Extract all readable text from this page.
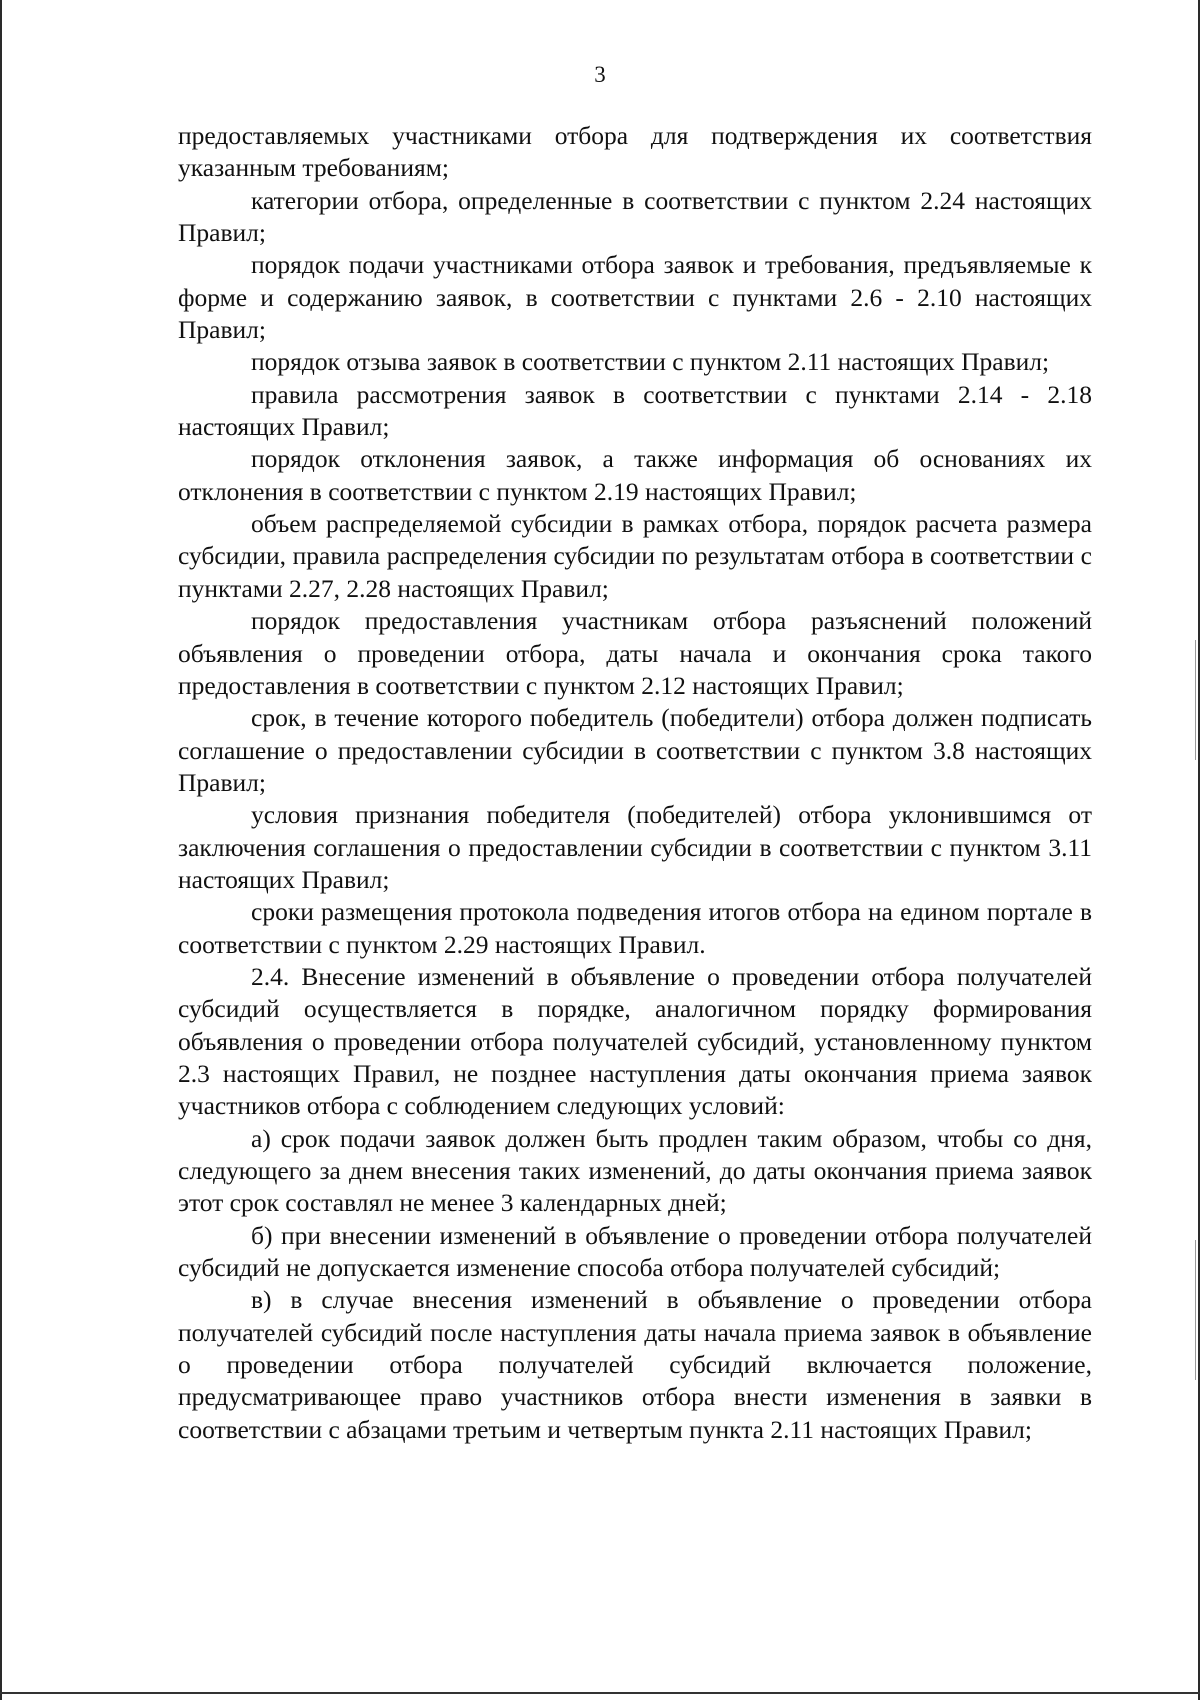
3

предоставляемых участниками отбора для подтверждения их соответствия указанным требованиям;

категории отбора, определенные в соответствии с пунктом 2.24 настоящих Правил;

порядок подачи участниками отбора заявок и требования, предъявляемые к форме и содержанию заявок, в соответствии с пунктами 2.6 - 2.10 настоящих Правил;

порядок отзыва заявок в соответствии с пунктом 2.11 настоящих Правил;

правила рассмотрения заявок в соответствии с пунктами 2.14 - 2.18 настоящих Правил;

порядок отклонения заявок, а также информация об основаниях их отклонения в соответствии с пунктом 2.19 настоящих Правил;

объем распределяемой субсидии в рамках отбора, порядок расчета размера субсидии, правила распределения субсидии по результатам отбора в соответствии с пунктами 2.27, 2.28 настоящих Правил;

порядок предоставления участникам отбора разъяснений положений объявления о проведении отбора, даты начала и окончания срока такого предоставления в соответствии с пунктом 2.12 настоящих Правил;

срок, в течение которого победитель (победители) отбора должен подписать соглашение о предоставлении субсидии в соответствии с пунктом 3.8 настоящих Правил;

условия признания победителя (победителей) отбора уклонившимся от заключения соглашения о предоставлении субсидии в соответствии с пунктом 3.11 настоящих Правил;

сроки размещения протокола подведения итогов отбора на едином портале в соответствии с пунктом 2.29 настоящих Правил.

2.4. Внесение изменений в объявление о проведении отбора получателей субсидий осуществляется в порядке, аналогичном порядку формирования объявления о проведении отбора получателей субсидий, установленному пунктом 2.3 настоящих Правил, не позднее наступления даты окончания приема заявок участников отбора с соблюдением следующих условий:

а) срок подачи заявок должен быть продлен таким образом, чтобы со дня, следующего за днем внесения таких изменений, до даты окончания приема заявок этот срок составлял не менее 3 календарных дней;

б) при внесении изменений в объявление о проведении отбора получателей субсидий не допускается изменение способа отбора получателей субсидий;

в) в случае внесения изменений в объявление о проведении отбора получателей субсидий после наступления даты начала приема заявок в объявление о проведении отбора получателей субсидий включается положение, предусматривающее право участников отбора внести изменения в заявки в соответствии с абзацами третьим и четвертым пункта 2.11 настоящих Правил;
